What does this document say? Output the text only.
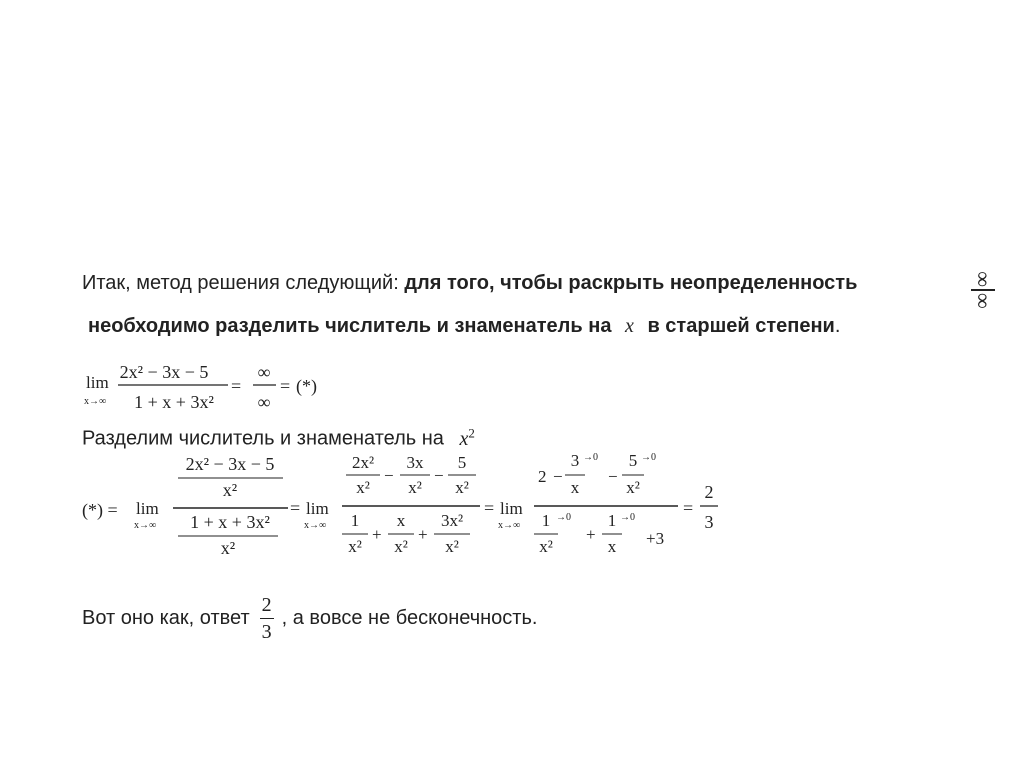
Итак, метод решения следующий: для того, чтобы раскрыть неопределенность	∞
∞
необходимо разделить числитель и знаменатель на x в старшей степени.
lim
x→∞
2x² − 3x − 5
1 + x + 3x²
=
∞
∞
= (*)
Разделим числитель и знаменатель на $x^2$
(*) = lim
x→∞
2x² − 3x − 5
x²
1 + x + 3x²
x²
= lim
x→∞
2x²
x²
−
3x
x²
−
5
x²
1
x²
+
x
x²
+
3x²
x²
= lim
x→∞
2 −
3 →0
x
−
5 →0
x²
1 →0
x²
+
1 →0
x +3
=
2
3
Вот оно как, ответ
2
3
, а вовсе не бесконечность.
